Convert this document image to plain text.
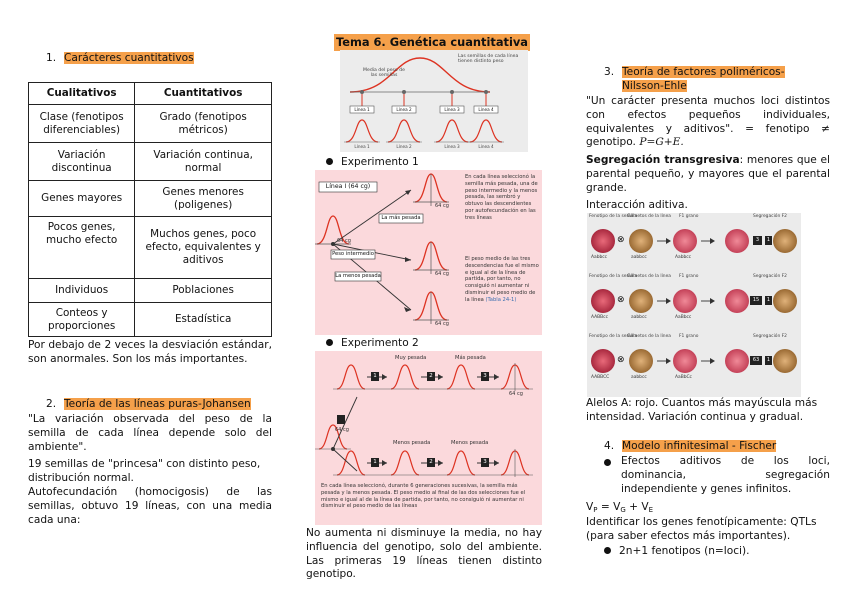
1. Carácteres cuantitativos
Cualitativos	Cuantitativos
Clase (fenotipos diferenciables)	Grado (fenotipos métricos)
Variación discontinua	Variación continua, normal
Genes mayores	Genes menores (poligenes)
Pocos genes, mucho efecto	Muchos genes, poco efecto, equivalentes y aditivos
Individuos	Poblaciones
Conteos y proporciones	Estadística
Por debajo de 2 veces la desviación estándar, son anormales. Son los más importantes.
2. Teoría de las líneas puras-Johansen
"La variación observada del peso de la semilla de cada línea depende solo del ambiente".
19 semillas de "princesa" con distinto peso, distribución normal.
Autofecundación (homocigosis) de las semillas, obtuvo 19 líneas, con una media cada una:
Tema 6. Genética cuantitativa
Las semillas de cada línea tienen distinto peso
Media del peso de las semillas
Línea 1	Línea 2	Línea 3	Línea 4
Línea 1	Línea 2	Línea 3	Línea 4
Experimento 1
Línea I (64 cg)
La más pesada
Peso intermedio
La menos pesada
64 cg
64 cg
64 cg
64 cg
En cada línea seleccionó la semilla más pesada, una de peso intermedio y la menos pesada, las sembró y obtuvo las descendientes por autofecundación en las tres líneas
El peso medio de las tres descendencias fue el mismo e igual al de la línea de partida, por tanto, no consiguió ni aumentar ni disminuir el peso medio de la línea (Tabla 24-1)
Experimento 2
1	2	3
1	2	3
Muy pesada	Más pesada
Menos pesada	Menos pesada
64 cg
64 cg
En cada línea seleccionó, durante 6 generaciones sucesivas, la semilla más pesada y la menos pesada. El peso medio al final de las dos selecciones fue el mismo e igual al de la línea de partida, por tanto, no consiguió ni aumentar ni disminuir el peso medio de las líneas
No aumenta ni disminuye la media, no hay influencia del genotipo, solo del ambiente. Las primeras 19 líneas tienen distinto genotipo.
3. Teoría de factores poliméricos-
Nilsson-Ehle
"Un carácter presenta muchos loci distintos con efectos pequeños individuales, equivalentes y aditivos". = fenotipo ≠ genotipo. P=G+E.
Segregación transgresiva: menores que el parental pequeño, y mayores que el parental grande.
Interacción aditiva.
Fenotipo de la semilla
Gametos de la línea F1 grano	Segregación F2
Fenotipo de la semilla
Gametos de la línea F1 grano	Segregación F2
Fenotipo de la semilla
Gametos de la línea F1 grano	Segregación F2
⊗
⊗
⊗
3	1
15	1
63	1
Aabbcc	aabbcc	Aabbcc
AABBcc	aabbcc	AaBbcc
AABBCC	aabbcc	AaBbCc
Alelos A: rojo. Cuantos más mayúscula más intensidad. Variación continua y gradual.
4. Modelo infinitesimal - Fischer
Efectos aditivos de los loci, dominancia, segregación independiente y genes infinitos.
$V_P = V_G + V_E$
Identificar los genes fenotípicamente: QTLs (para saber efectos más importantes).
2n+1 fenotipos (n=loci).
